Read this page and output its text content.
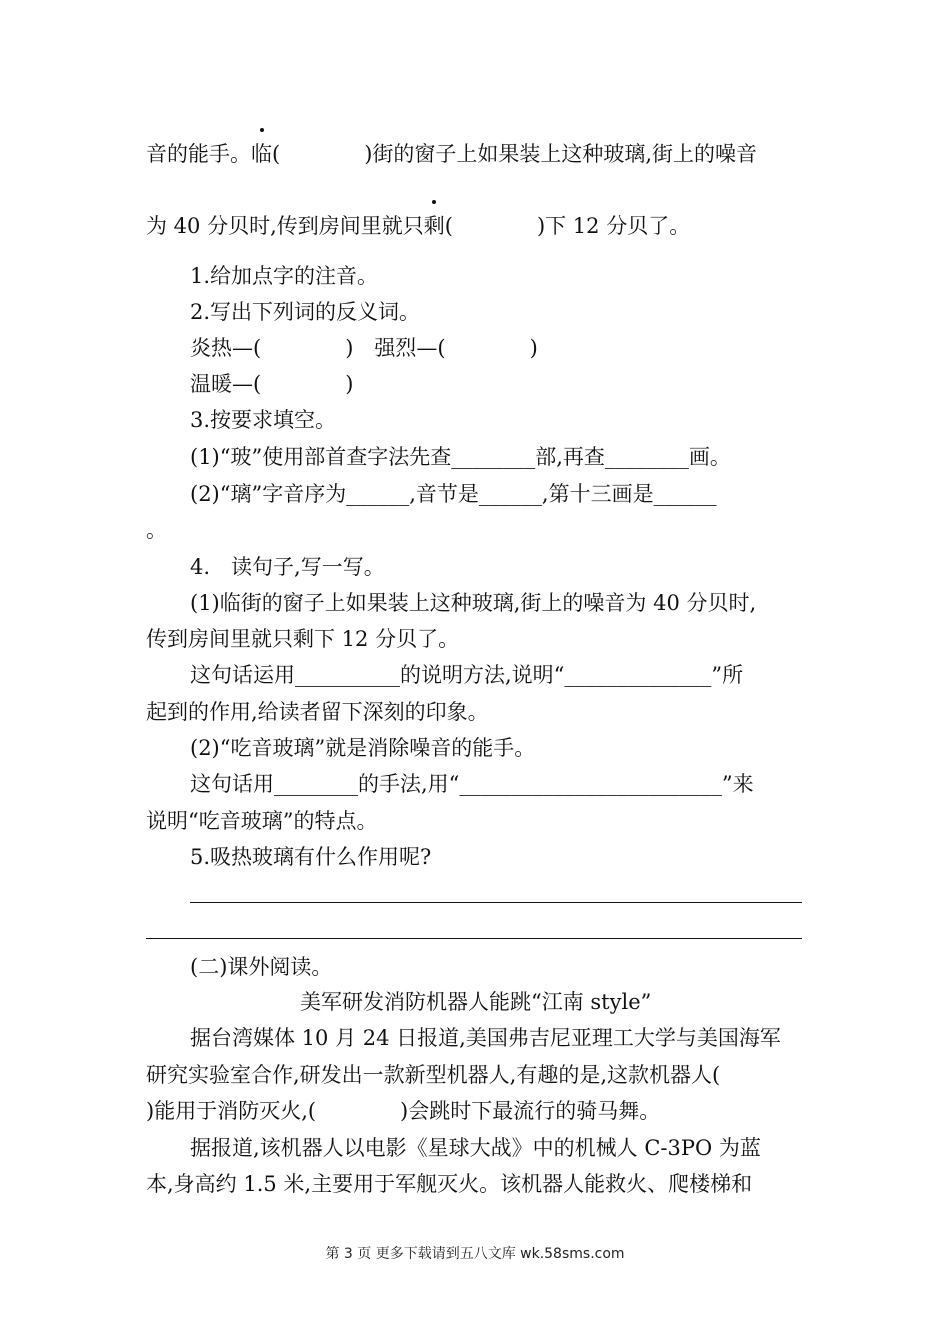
音的能手。临(　　　　)街的窗子上如果装上这种玻璃,街上的噪音
为 40 分贝时,传到房间里就只剩(　　　　)下 12 分贝了。
1.给加点字的注音。
2.写出下列词的反义词。
炎热—(　　　　)　强烈—(　　　　)
温暖—(　　　　)
3.按要求填空。
(1)“玻”使用部首查字法先查________部,再查________画。
(2)“璃”字音序为______,音节是______,第十三画是______
。
4.　读句子,写一写。
(1)临街的窗子上如果装上这种玻璃,街上的噪音为 40 分贝时,
传到房间里就只剩下 12 分贝了。
这句话运用__________的说明方法,说明“______________”所
起到的作用,给读者留下深刻的印象。
(2)“吃音玻璃”就是消除噪音的能手。
这句话用________的手法,用“_________________________”来
说明“吃音玻璃”的特点。
5.吸热玻璃有什么作用呢?
(二)课外阅读。
美军研发消防机器人能跳“江南 style”
据台湾媒体 10 月 24 日报道,美国弗吉尼亚理工大学与美国海军
研究实验室合作,研发出一款新型机器人,有趣的是,这款机器人(
)能用于消防灭火,(　　　　)会跳时下最流行的骑马舞。
据报道,该机器人以电影《星球大战》中的机械人 C-3PO 为蓝
本,身高约 1.5 米,主要用于军舰灭火。该机器人能救火、爬楼梯和
第 3 页 更多下载请到五八文库 wk.58sms.com
